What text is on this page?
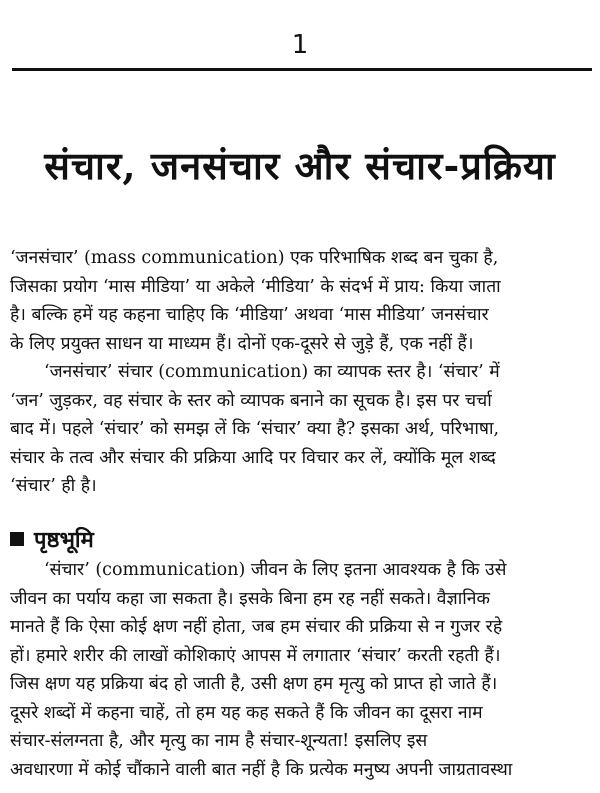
1
संचार, जनसंचार और संचार-प्रक्रिया
‘जनसंचार’ (mass communication) एक परिभाषिक शब्द बन चुका है,
जिसका प्रयोग ‘मास मीडिया’ या अकेले ‘मीडिया’ के संदर्भ में प्राय: किया जाता
है। बल्कि हमें यह कहना चाहिए कि ‘मीडिया’ अथवा ‘मास मीडिया’ जनसंचार
के लिए प्रयुक्त साधन या माध्यम हैं। दोनों एक-दूसरे से जुड़े हैं, एक नहीं हैं।
‘जनसंचार’ संचार (communication) का व्यापक स्तर है। ‘संचार’ में
‘जन’ जुड़कर, वह संचार के स्तर को व्यापक बनाने का सूचक है। इस पर चर्चा
बाद में। पहले ‘संचार’ को समझ लें कि ‘संचार’ क्या है? इसका अर्थ, परिभाषा,
संचार के तत्व और संचार की प्रक्रिया आदि पर विचार कर लें, क्योंकि मूल शब्द
‘संचार’ ही है।
पृष्ठभूमि
‘संचार’ (communication) जीवन के लिए इतना आवश्यक है कि उसे
जीवन का पर्याय कहा जा सकता है। इसके बिना हम रह नहीं सकते। वैज्ञानिक
मानते हैं कि ऐसा कोई क्षण नहीं होता, जब हम संचार की प्रक्रिया से न गुजर रहे
हों। हमारे शरीर की लाखों कोशिकाएं आपस में लगातार ‘संचार’ करती रहती हैं।
जिस क्षण यह प्रक्रिया बंद हो जाती है, उसी क्षण हम मृत्यु को प्राप्त हो जाते हैं।
दूसरे शब्दों में कहना चाहें, तो हम यह कह सकते हैं कि जीवन का दूसरा नाम
संचार-संलग्नता है, और मृत्यु का नाम है संचार-शून्यता! इसलिए इस
अवधारणा में कोई चौंकाने वाली बात नहीं है कि प्रत्येक मनुष्य अपनी जाग्रतावस्था
